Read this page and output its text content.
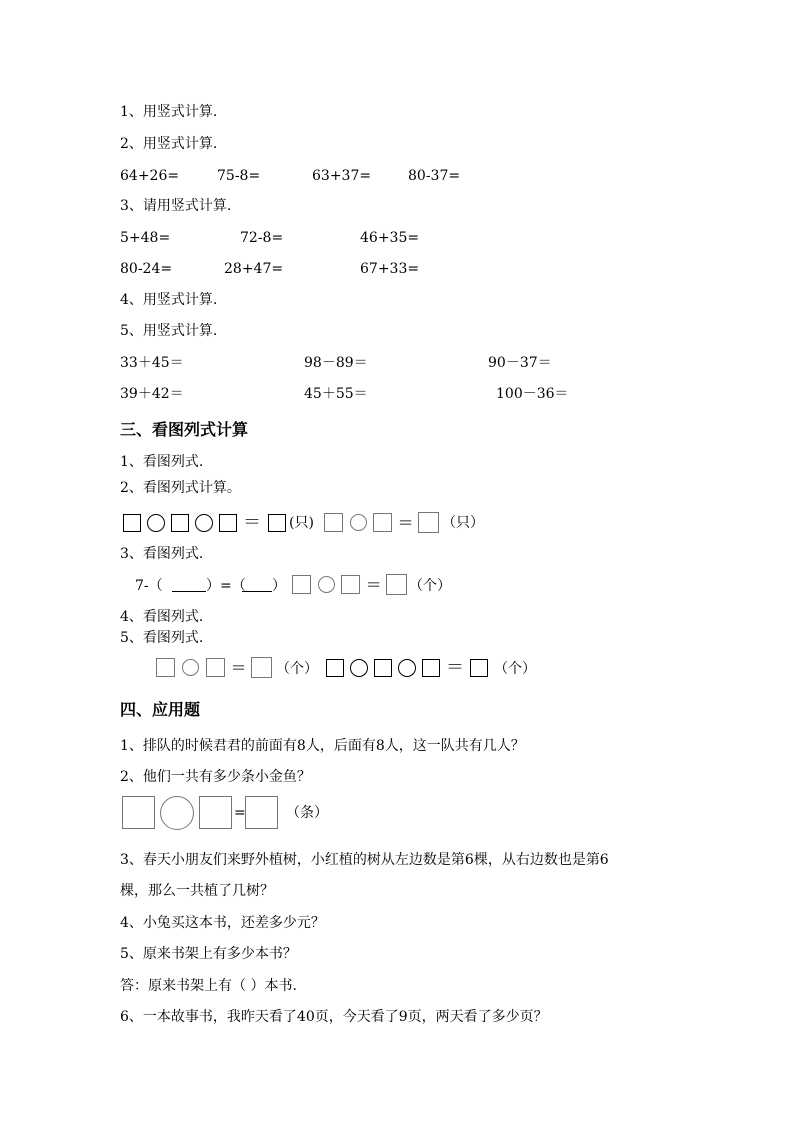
1、用竖式计算.
2、用竖式计算.
64+26=	75-8=	63+37=	80-37=
3、请用竖式计算.
5+48=	72-8=	46+35=
80-24=	28+47=	67+33=
4、用竖式计算.
5、用竖式计算.
33＋45＝	98－89＝	90－37＝
39＋42＝	45＋55＝	100－36＝
三、看图列式计算
1、看图列式.
2、看图列式计算。
＝ (只)	= （只）
3、看图列式.
7-（	）=（ ）	= （个）
4、看图列式.
5、看图列式.
= （个）	＝ （个）
四、应用题
1、排队的时候君君的前面有8人，后面有8人，这一队共有几人？
2、他们一共有多少条小金鱼？
=	（条）
3、春天小朋友们来野外植树，小红植的树从左边数是第6棵，从右边数也是第6
棵，那么一共植了几树？
4、小兔买这本书，还差多少元？
5、原来书架上有多少本书？
答：原来书架上有（ ）本书.
6、一本故事书，我昨天看了40页，今天看了9页，两天看了多少页？
